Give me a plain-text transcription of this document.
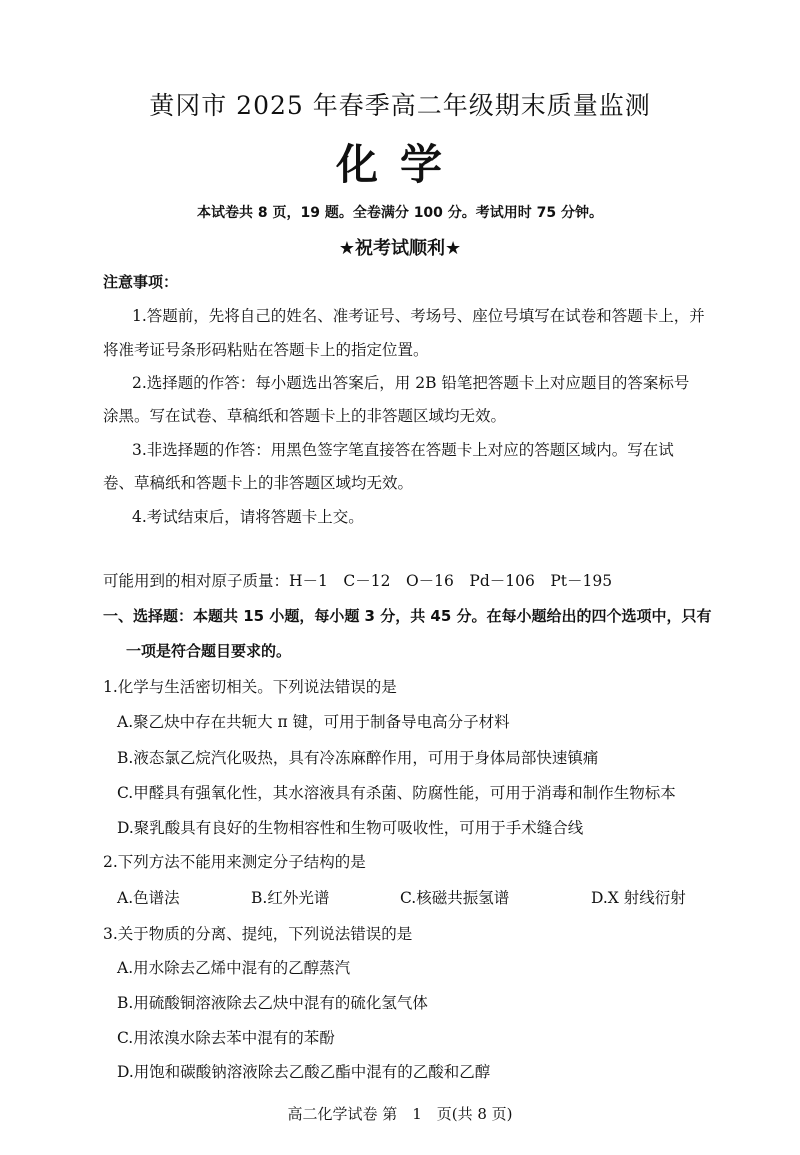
黄冈市 2025 年春季高二年级期末质量监测
化学
本试卷共 8 页，19 题。全卷满分 100 分。考试用时 75 分钟。
★祝考试顺利★
注意事项：
1.答题前，先将自己的姓名、准考证号、考场号、座位号填写在试卷和答题卡上，并
将准考证号条形码粘贴在答题卡上的指定位置。
2.选择题的作答：每小题选出答案后，用 2B 铅笔把答题卡上对应题目的答案标号
涂黑。写在试卷、草稿纸和答题卡上的非答题区域均无效。
3.非选择题的作答：用黑色签字笔直接答在答题卡上对应的答题区域内。写在试
卷、草稿纸和答题卡上的非答题区域均无效。
4.考试结束后，请将答题卡上交。
可能用到的相对原子质量：H－1　C－12　O－16　Pd－106　Pt－195
一、选择题：本题共 15 小题，每小题 3 分，共 45 分。在每小题给出的四个选项中，只有
一项是符合题目要求的。
1.化学与生活密切相关。下列说法错误的是
A.聚乙炔中存在共轭大 π 键，可用于制备导电高分子材料
B.液态氯乙烷汽化吸热，具有冷冻麻醉作用，可用于身体局部快速镇痛
C.甲醛具有强氧化性，其水溶液具有杀菌、防腐性能，可用于消毒和制作生物标本
D.聚乳酸具有良好的生物相容性和生物可吸收性，可用于手术缝合线
2.下列方法不能用来测定分子结构的是
A.色谱法	B.红外光谱	C.核磁共振氢谱	D.X 射线衍射
3.关于物质的分离、提纯，下列说法错误的是
A.用水除去乙烯中混有的乙醇蒸汽
B.用硫酸铜溶液除去乙炔中混有的硫化氢气体
C.用浓溴水除去苯中混有的苯酚
D.用饱和碳酸钠溶液除去乙酸乙酯中混有的乙酸和乙醇
高二化学试卷 第　1　页(共 8 页)
